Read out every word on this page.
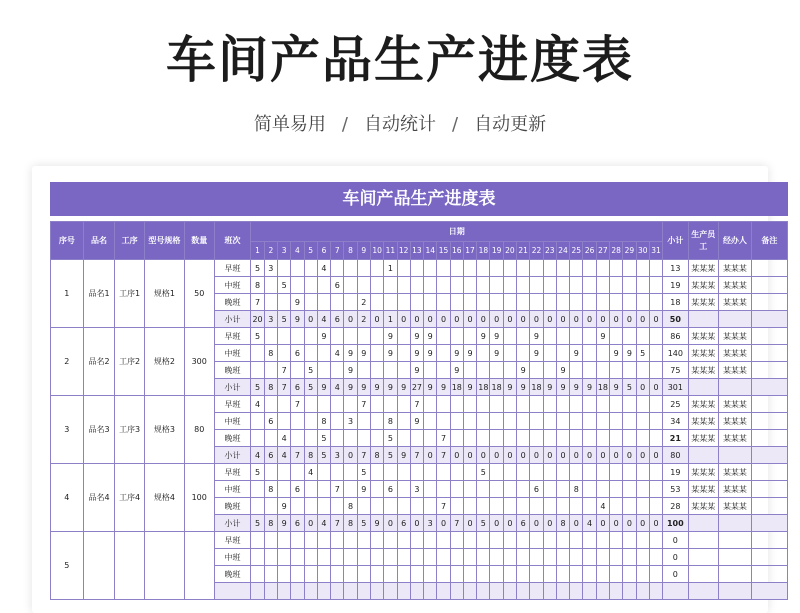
车间产品生产进度表
简单易用 / 自动统计 / 自动更新
车间产品生产进度表
序号	品名	工序	型号规格	数量	班次	日期																															小计	生产员工	经办人	备注
						1	2	3	4	5	6	7	8	9	10	11	12	13	14	15	16	17	18	19	20	21	22	23	24	25	26	27	28	29	30	31				
1	品名1	工序1	规格1	50	早班	5	3				4					1																					13	某某某	某某某	
					中班	8		5				6																									19	某某某	某某某	
					晚班	7			9					2																							18	某某某	某某某	
					小计	20	3	5	9	0	4	6	0	2	0	1	0	0	0	0	0	0	0	0	0	0	0	0	0	0	0	0	0	0	0	0	50			
2	品名2	工序2	规格2	300	早班	5					9					9		9	9				9	9			9					9					86	某某某	某某某	
					中班		8		6			4	9	9		9		9	9		9	9		9			9			9			9	9	5		140	某某某	某某某	
					晚班			7		5			9					9			9					9			9								75	某某某	某某某	
					小计	5	8	7	6	5	9	4	9	9	9	9	9	27	9	9	18	9	18	18	9	9	18	9	9	9	9	18	9	5	0	0	301			
3	品名3	工序3	规格3	80	早班	4			7					7				7																			25	某某某	某某某	
					中班		6				8		3			8		9																			34	某某某	某某某	
					晚班			4			5					5				7																	21	某某某	某某某	
					小计	4	6	4	7	8	5	3	0	7	8	5	9	7	0	7	0	0	0	0	0	0	0	0	0	0	0	0	0	0	0	0	80			
4	品名4	工序4	规格4	100	早班	5				4				5									5														19	某某某	某某某	
					中班		8		6			7		9		6		3									6			8							53	某某某	某某某	
					晚班			9					8							7												4					28	某某某	某某某	
					小计	5	8	9	6	0	4	7	8	5	9	0	6	0	3	0	7	0	5	0	0	6	0	0	8	0	4	0	0	0	0	0	100			
5					早班																																0			
					中班																																0			
					晚班																																0			
